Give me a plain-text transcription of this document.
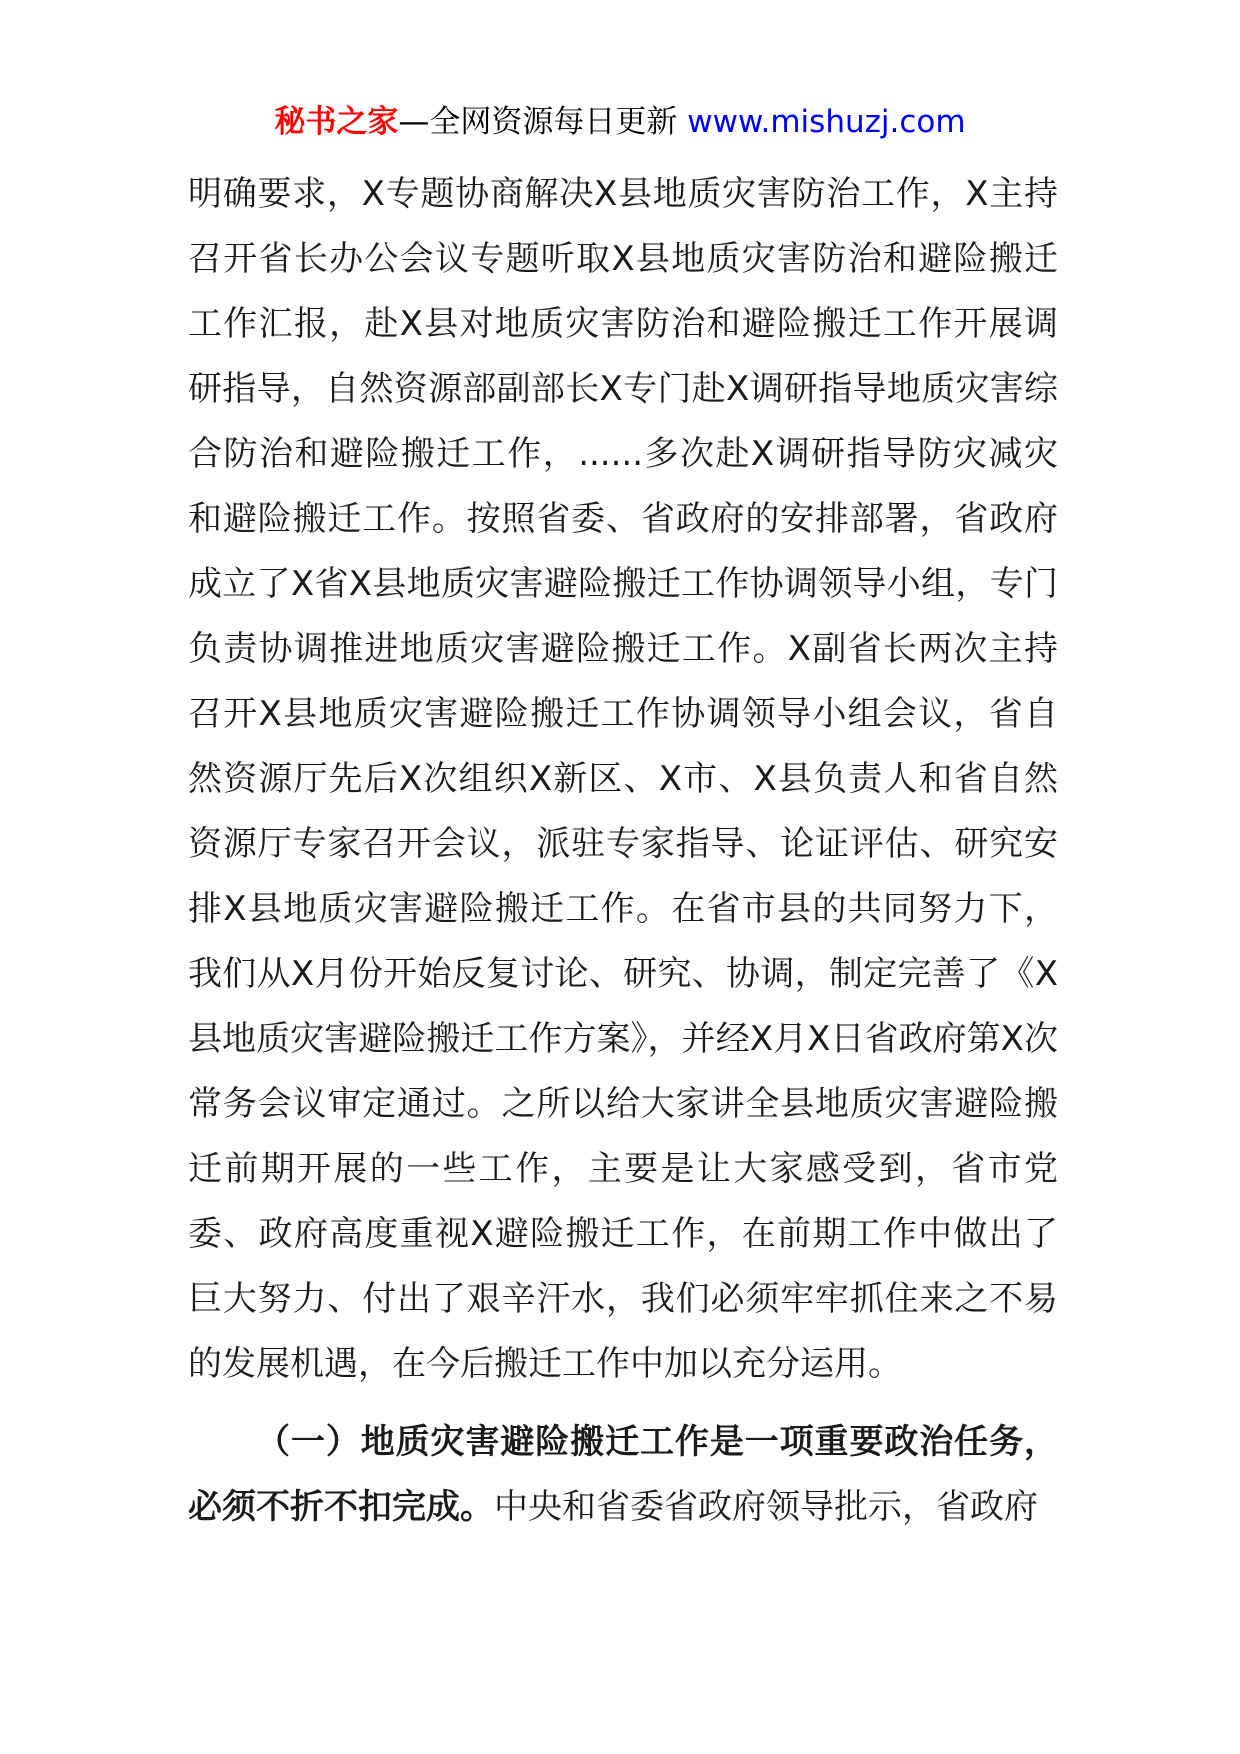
秘书之家—全网资源每日更新 www.mishuzj.com

明确要求，X专题协商解决X县地质灾害防治工作，X主持召开省长办公会议专题听取X县地质灾害防治和避险搬迁工作汇报，赴X县对地质灾害防治和避险搬迁工作开展调研指导，自然资源部副部长X专门赴X调研指导地质灾害综合防治和避险搬迁工作，......多次赴X调研指导防灾减灾和避险搬迁工作。按照省委、省政府的安排部署，省政府成立了X省X县地质灾害避险搬迁工作协调领导小组，专门负责协调推进地质灾害避险搬迁工作。X副省长两次主持召开X县地质灾害避险搬迁工作协调领导小组会议，省自然资源厅先后X次组织X新区、X市、X县负责人和省自然资源厅专家召开会议，派驻专家指导、论证评估、研究安排X县地质灾害避险搬迁工作。在省市县的共同努力下，我们从X月份开始反复讨论、研究、协调，制定完善了《X县地质灾害避险搬迁工作方案》，并经X月X日省政府第X次常务会议审定通过。之所以给大家讲全县地质灾害避险搬迁前期开展的一些工作，主要是让大家感受到，省市党委、政府高度重视X避险搬迁工作，在前期工作中做出了巨大努力、付出了艰辛汗水，我们必须牢牢抓住来之不易的发展机遇，在今后搬迁工作中加以充分运用。

（一）地质灾害避险搬迁工作是一项重要政治任务，必须不折不扣完成。中央和省委省政府领导批示，省政府
